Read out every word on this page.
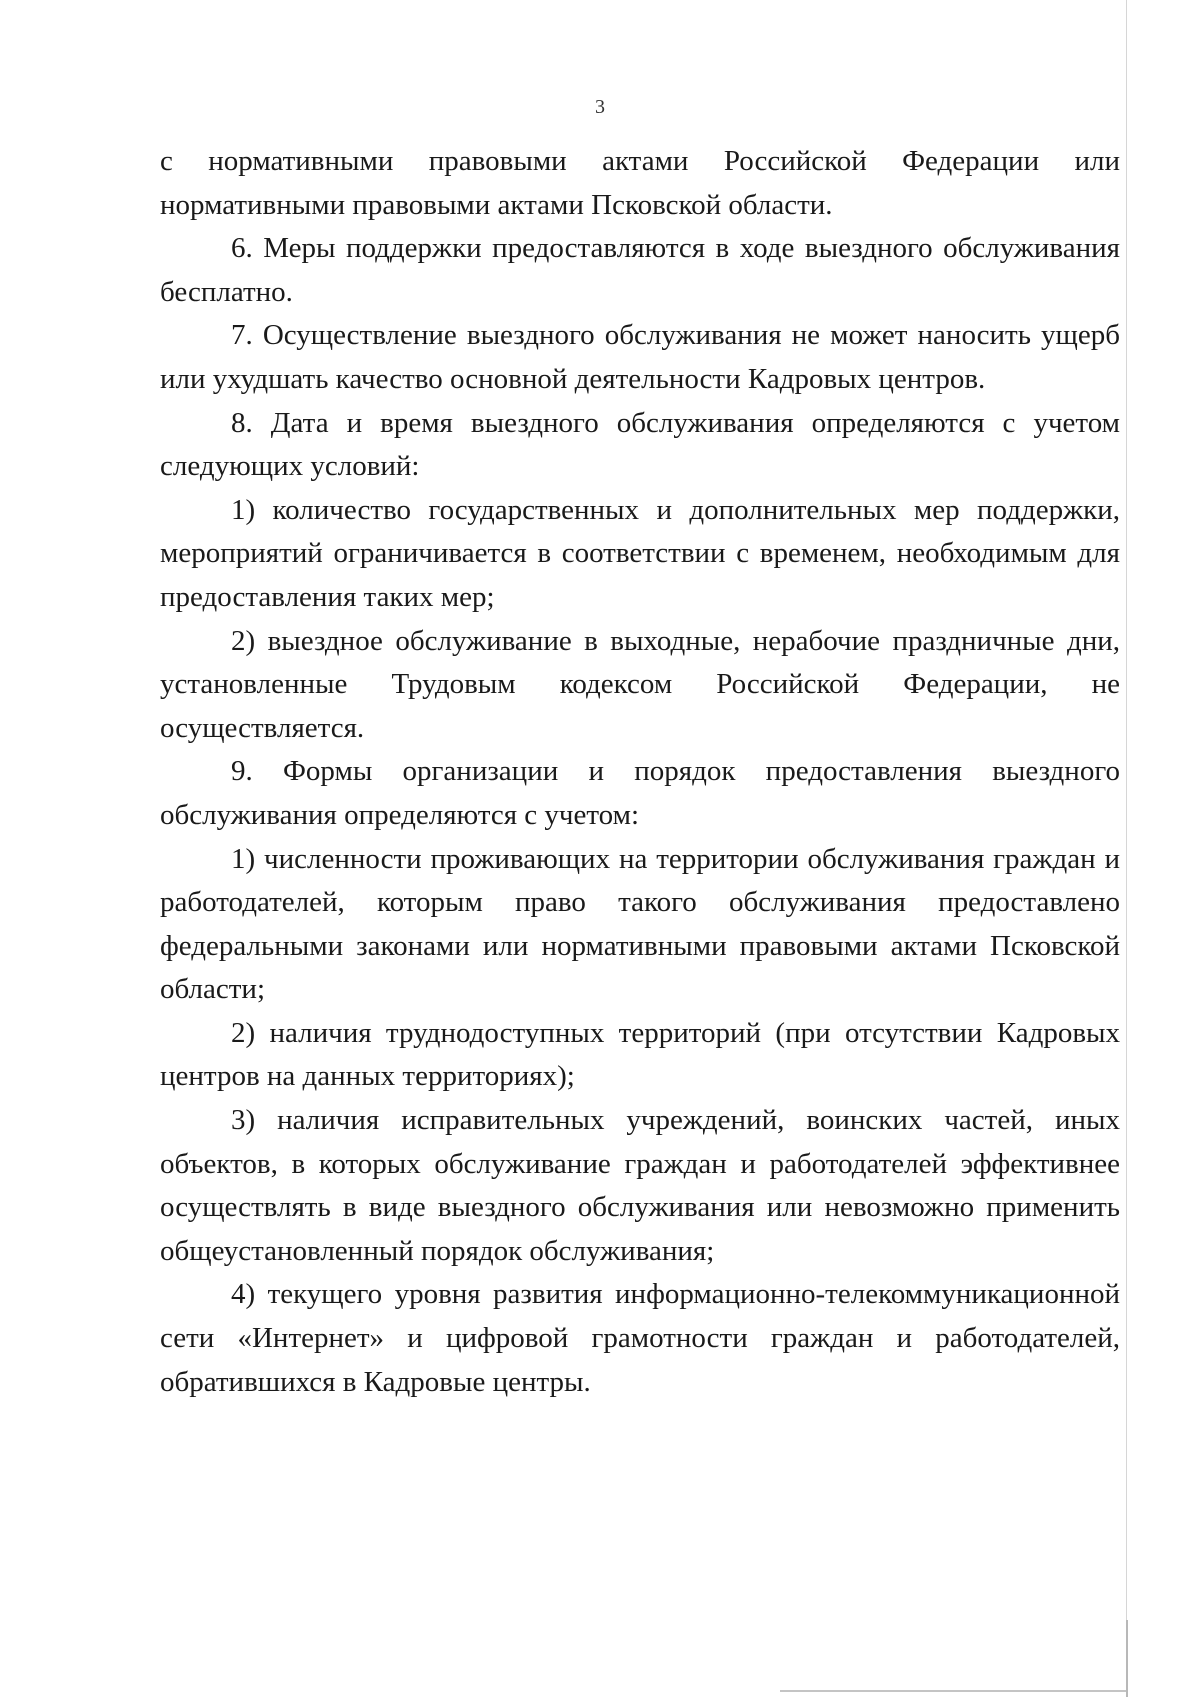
3

с нормативными правовыми актами Российской Федерации или нормативными правовыми актами Псковской области.

6. Меры поддержки предоставляются в ходе выездного обслуживания бесплатно.

7. Осуществление выездного обслуживания не может наносить ущерб или ухудшать качество основной деятельности Кадровых центров.

8. Дата и время выездного обслуживания определяются с учетом следующих условий:

1) количество государственных и дополнительных мер поддержки, мероприятий ограничивается в соответствии с временем, необходимым для предоставления таких мер;

2) выездное обслуживание в выходные, нерабочие праздничные дни, установленные Трудовым кодексом Российской Федерации, не осуществляется.

9. Формы организации и порядок предоставления выездного обслуживания определяются с учетом:

1) численности проживающих на территории обслуживания граждан и работодателей, которым право такого обслуживания предоставлено федеральными законами или нормативными правовыми актами Псковской области;

2) наличия труднодоступных территорий (при отсутствии Кадровых центров на данных территориях);

3) наличия исправительных учреждений, воинских частей, иных объектов, в которых обслуживание граждан и работодателей эффективнее осуществлять в виде выездного обслуживания или невозможно применить общеустановленный порядок обслуживания;

4) текущего уровня развития информационно-телекоммуникационной сети «Интернет» и цифровой грамотности граждан и работодателей, обратившихся в Кадровые центры.
